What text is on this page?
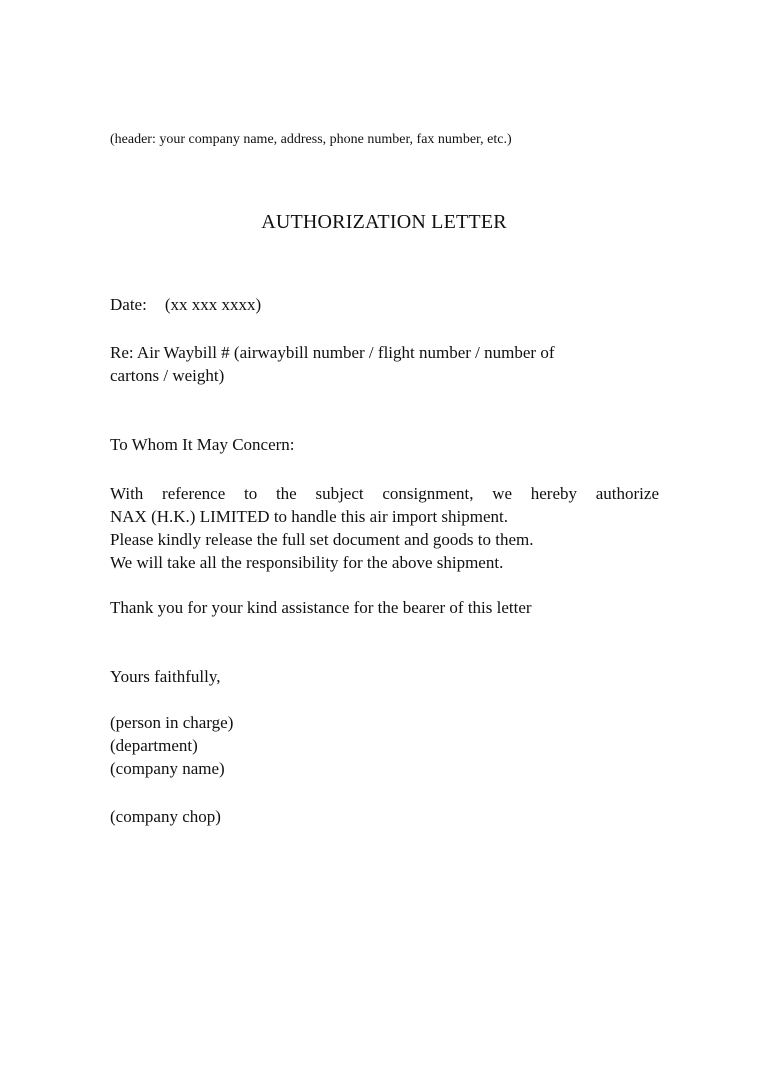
(header: your company name, address, phone number, fax number, etc.)
AUTHORIZATION LETTER
Date: (xx xxx xxxx)
Re: Air Waybill # (airwaybill number / flight number / number of
cartons / weight)
To Whom It May Concern:
With reference to the subject consignment, we hereby authorize
NAX (H.K.) LIMITED to handle this air import shipment.
Please kindly release the full set document and goods to them.
We will take all the responsibility for the above shipment.
Thank you for your kind assistance for the bearer of this letter
Yours faithfully,
(person in charge)
(department)
(company name)
(company chop)
